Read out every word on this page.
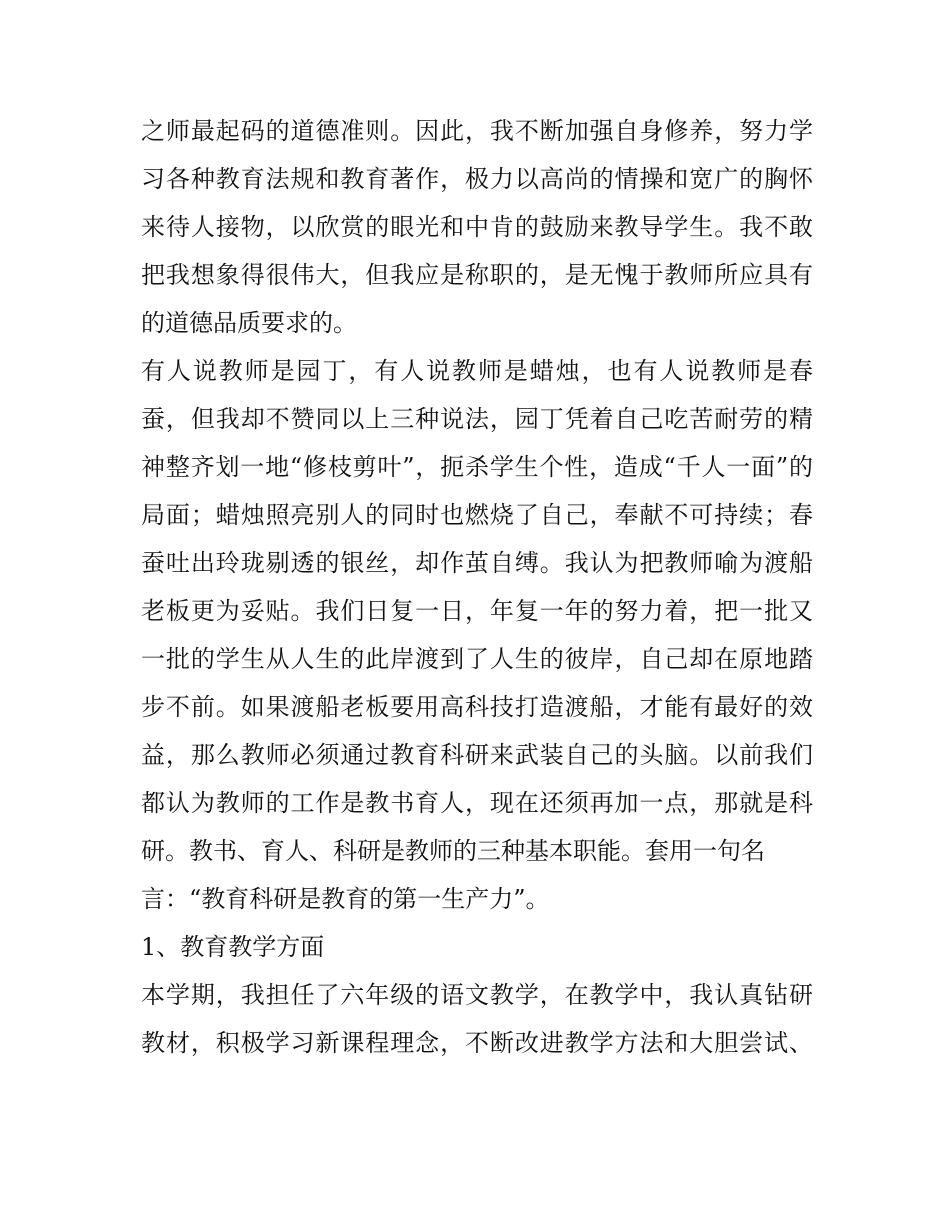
之师最起码的道德准则。因此，我不断加强自身修养，努力学
习各种教育法规和教育著作，极力以高尚的情操和宽广的胸怀
来待人接物，以欣赏的眼光和中肯的鼓励来教导学生。我不敢
把我想象得很伟大，但我应是称职的，是无愧于教师所应具有
的道德品质要求的。
有人说教师是园丁，有人说教师是蜡烛，也有人说教师是春
蚕，但我却不赞同以上三种说法，园丁凭着自己吃苦耐劳的精
神整齐划一地“修枝剪叶”，扼杀学生个性，造成“千人一面”的
局面；蜡烛照亮别人的同时也燃烧了自己，奉献不可持续；春
蚕吐出玲珑剔透的银丝，却作茧自缚。我认为把教师喻为渡船
老板更为妥贴。我们日复一日，年复一年的努力着，把一批又
一批的学生从人生的此岸渡到了人生的彼岸，自己却在原地踏
步不前。如果渡船老板要用高科技打造渡船，才能有最好的效
益，那么教师必须通过教育科研来武装自己的头脑。以前我们
都认为教师的工作是教书育人，现在还须再加一点，那就是科
研。教书、育人、科研是教师的三种基本职能。套用一句名
言：“教育科研是教育的第一生产力”。
1、教育教学方面
本学期，我担任了六年级的语文教学，在教学中，我认真钻研
教材，积极学习新课程理念，不断改进教学方法和大胆尝试、
